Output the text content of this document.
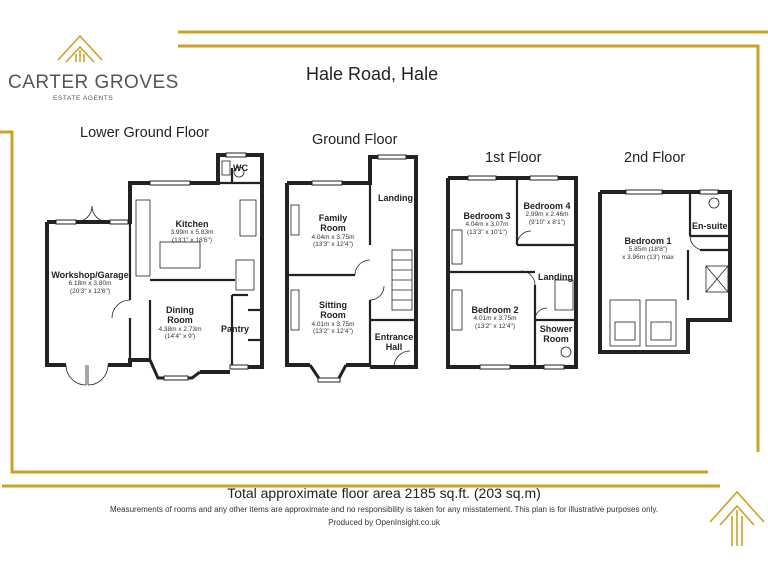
CARTER GROVES
ESTATE AGENTS
Hale Road, Hale
Lower Ground Floor	Ground Floor
1st Floor	2nd Floor
Kitchen
3.99m x 5.83m
(13'1" x 18'6")
WC
Workshop/Garage
6.18m x 3.80m
(20'3" x 12'6")
Dining Room
4.38m x 2.73m
(14'4" x 9')
Pantry
Family Room
4.04m x 3.75m
(13'3" x 12'4")
Landing
Sitting Room
4.01m x 3.75m
(13'2" x 12'4")
Entrance Hall
Bedroom 3
4.04m x 3.07m
(13'3" x 10'1")
Bedroom 4
2.99m x 2.46m
(9'10" x 8'1")
Landing
Bedroom 2
4.01m x 3.75m
(13'2" x 12'4")	Shower Room
Bedroom 1
5.85m (18'8")
x 3.96m (13') max
En-suite
Total approximate floor area 2185 sq.ft. (203 sq.m)
Measurements of rooms and any other items are approximate and no responsibility is taken for any misstatement. This plan is for illustrative purposes only.
Produced by OpenInsight.co.uk
